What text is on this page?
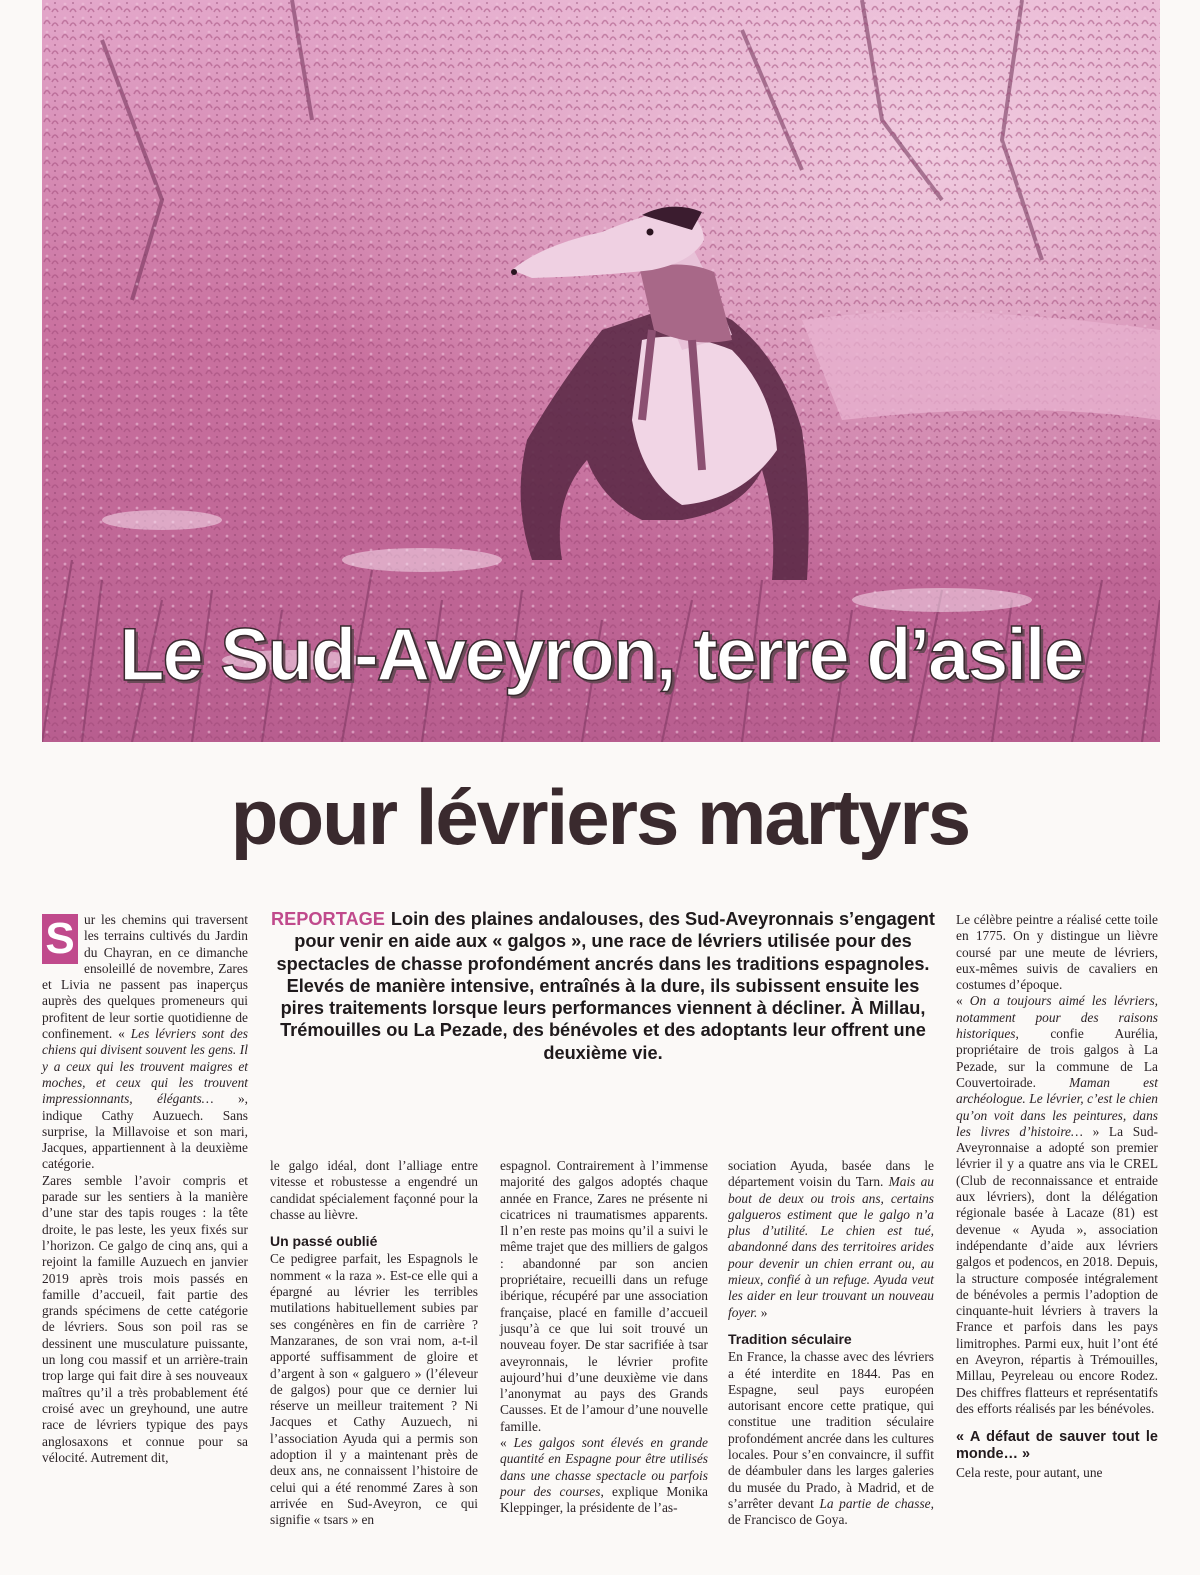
Le Sud-Aveyron, terre d’asile
pour lévriers martyrs
REPORTAGE Loin des plaines andalouses, des Sud-Aveyronnais s’engagent pour venir en aide aux « galgos », une race de lévriers utilisée pour des spectacles de chasse profondément ancrés dans les traditions espagnoles. Elevés de manière intensive, entraînés à la dure, ils subissent ensuite les pires traitements lorsque leurs performances viennent à décliner. À Millau, Trémouilles ou La Pezade, des bénévoles et des adoptants leur offrent une deuxième vie.

S ur les chemins qui traversent les terrains cultivés du Jardin du Chayran, en ce dimanche ensoleillé de novembre, Zares et Livia ne passent pas inaperçus auprès des quelques promeneurs qui profitent de leur sortie quotidienne de confinement. « Les lévriers sont des chiens qui divisent souvent les gens. Il y a ceux qui les trouvent maigres et moches, et ceux qui les trouvent impressionnants, élégants… », indique Cathy Auzuech. Sans surprise, la Millavoise et son mari, Jacques, appartiennent à la deuxième catégorie.

Zares semble l’avoir compris et parade sur les sentiers à la manière d’une star des tapis rouges : la tête droite, le pas leste, les yeux fixés sur l’horizon. Ce galgo de cinq ans, qui a rejoint la famille Auzuech en janvier 2019 après trois mois passés en famille d’accueil, fait partie des grands spécimens de cette catégorie de lévriers. Sous son poil ras se dessinent une musculature puissante, un long cou massif et un arrière-train trop large qui fait dire à ses nouveaux maîtres qu’il a très probablement été croisé avec un greyhound, une autre race de lévriers typique des pays anglosaxons et connue pour sa vélocité. Autrement dit,

le galgo idéal, dont l’alliage entre vitesse et robustesse a engendré un candidat spécialement façonné pour la chasse au lièvre.

Un passé oublié

Ce pedigree parfait, les Espagnols le nomment « la raza ». Est-ce elle qui a épargné au lévrier les terribles mutilations habituellement subies par ses congénères en fin de carrière ? Manzaranes, de son vrai nom, a-t-il apporté suffisamment de gloire et d’argent à son « galguero » (l’éleveur de galgos) pour que ce dernier lui réserve un meilleur traitement ? Ni Jacques et Cathy Auzuech, ni l’association Ayuda qui a permis son adoption il y a maintenant près de deux ans, ne connaissent l’histoire de celui qui a été renommé Zares à son arrivée en Sud-Aveyron, ce qui signifie « tsars » en

espagnol. Contrairement à l’immense majorité des galgos adoptés chaque année en France, Zares ne présente ni cicatrices ni traumatismes apparents. Il n’en reste pas moins qu’il a suivi le même trajet que des milliers de galgos : abandonné par son ancien propriétaire, recueilli dans un refuge ibérique, récupéré par une association française, placé en famille d’accueil jusqu’à ce que lui soit trouvé un nouveau foyer. De star sacrifiée à tsar aveyronnais, le lévrier profite aujourd’hui d’une deuxième vie dans l’anonymat au pays des Grands Causses. Et de l’amour d’une nouvelle famille.

« Les galgos sont élevés en grande quantité en Espagne pour être utilisés dans une chasse spectacle ou parfois pour des courses, explique Monika Kleppinger, la présidente de l’as-

sociation Ayuda, basée dans le département voisin du Tarn. Mais au bout de deux ou trois ans, certains galgueros estiment que le galgo n’a plus d’utilité. Le chien est tué, abandonné dans des territoires arides pour devenir un chien errant ou, au mieux, confié à un refuge. Ayuda veut les aider en leur trouvant un nouveau foyer. »

Tradition séculaire

En France, la chasse avec des lévriers a été interdite en 1844. Pas en Espagne, seul pays européen autorisant encore cette pratique, qui constitue une tradition séculaire profondément ancrée dans les cultures locales. Pour s’en convaincre, il suffit de déambuler dans les larges galeries du musée du Prado, à Madrid, et de s’arrêter devant La partie de chasse, de Francisco de Goya.

Le célèbre peintre a réalisé cette toile en 1775. On y distingue un lièvre coursé par une meute de lévriers, eux-mêmes suivis de cavaliers en costumes d’époque.

« On a toujours aimé les lévriers, notamment pour des raisons historiques, confie Aurélia, propriétaire de trois galgos à La Pezade, sur la commune de La Couvertoirade. Maman est archéologue. Le lévrier, c’est le chien qu’on voit dans les peintures, dans les livres d’histoire… » La Sud-Aveyronnaise a adopté son premier lévrier il y a quatre ans via le CREL (Club de reconnaissance et entraide aux lévriers), dont la délégation régionale basée à Lacaze (81) est devenue « Ayuda », association indépendante d’aide aux lévriers galgos et podencos, en 2018. Depuis, la structure composée intégralement de bénévoles a permis l’adoption de cinquante-huit lévriers à travers la France et parfois dans les pays limitrophes. Parmi eux, huit l’ont été en Aveyron, répartis à Trémouilles, Millau, Peyreleau ou encore Rodez. Des chiffres flatteurs et représentatifs des efforts réalisés par les bénévoles.

« A défaut de sauver tout le monde… »

Cela reste, pour autant, une
